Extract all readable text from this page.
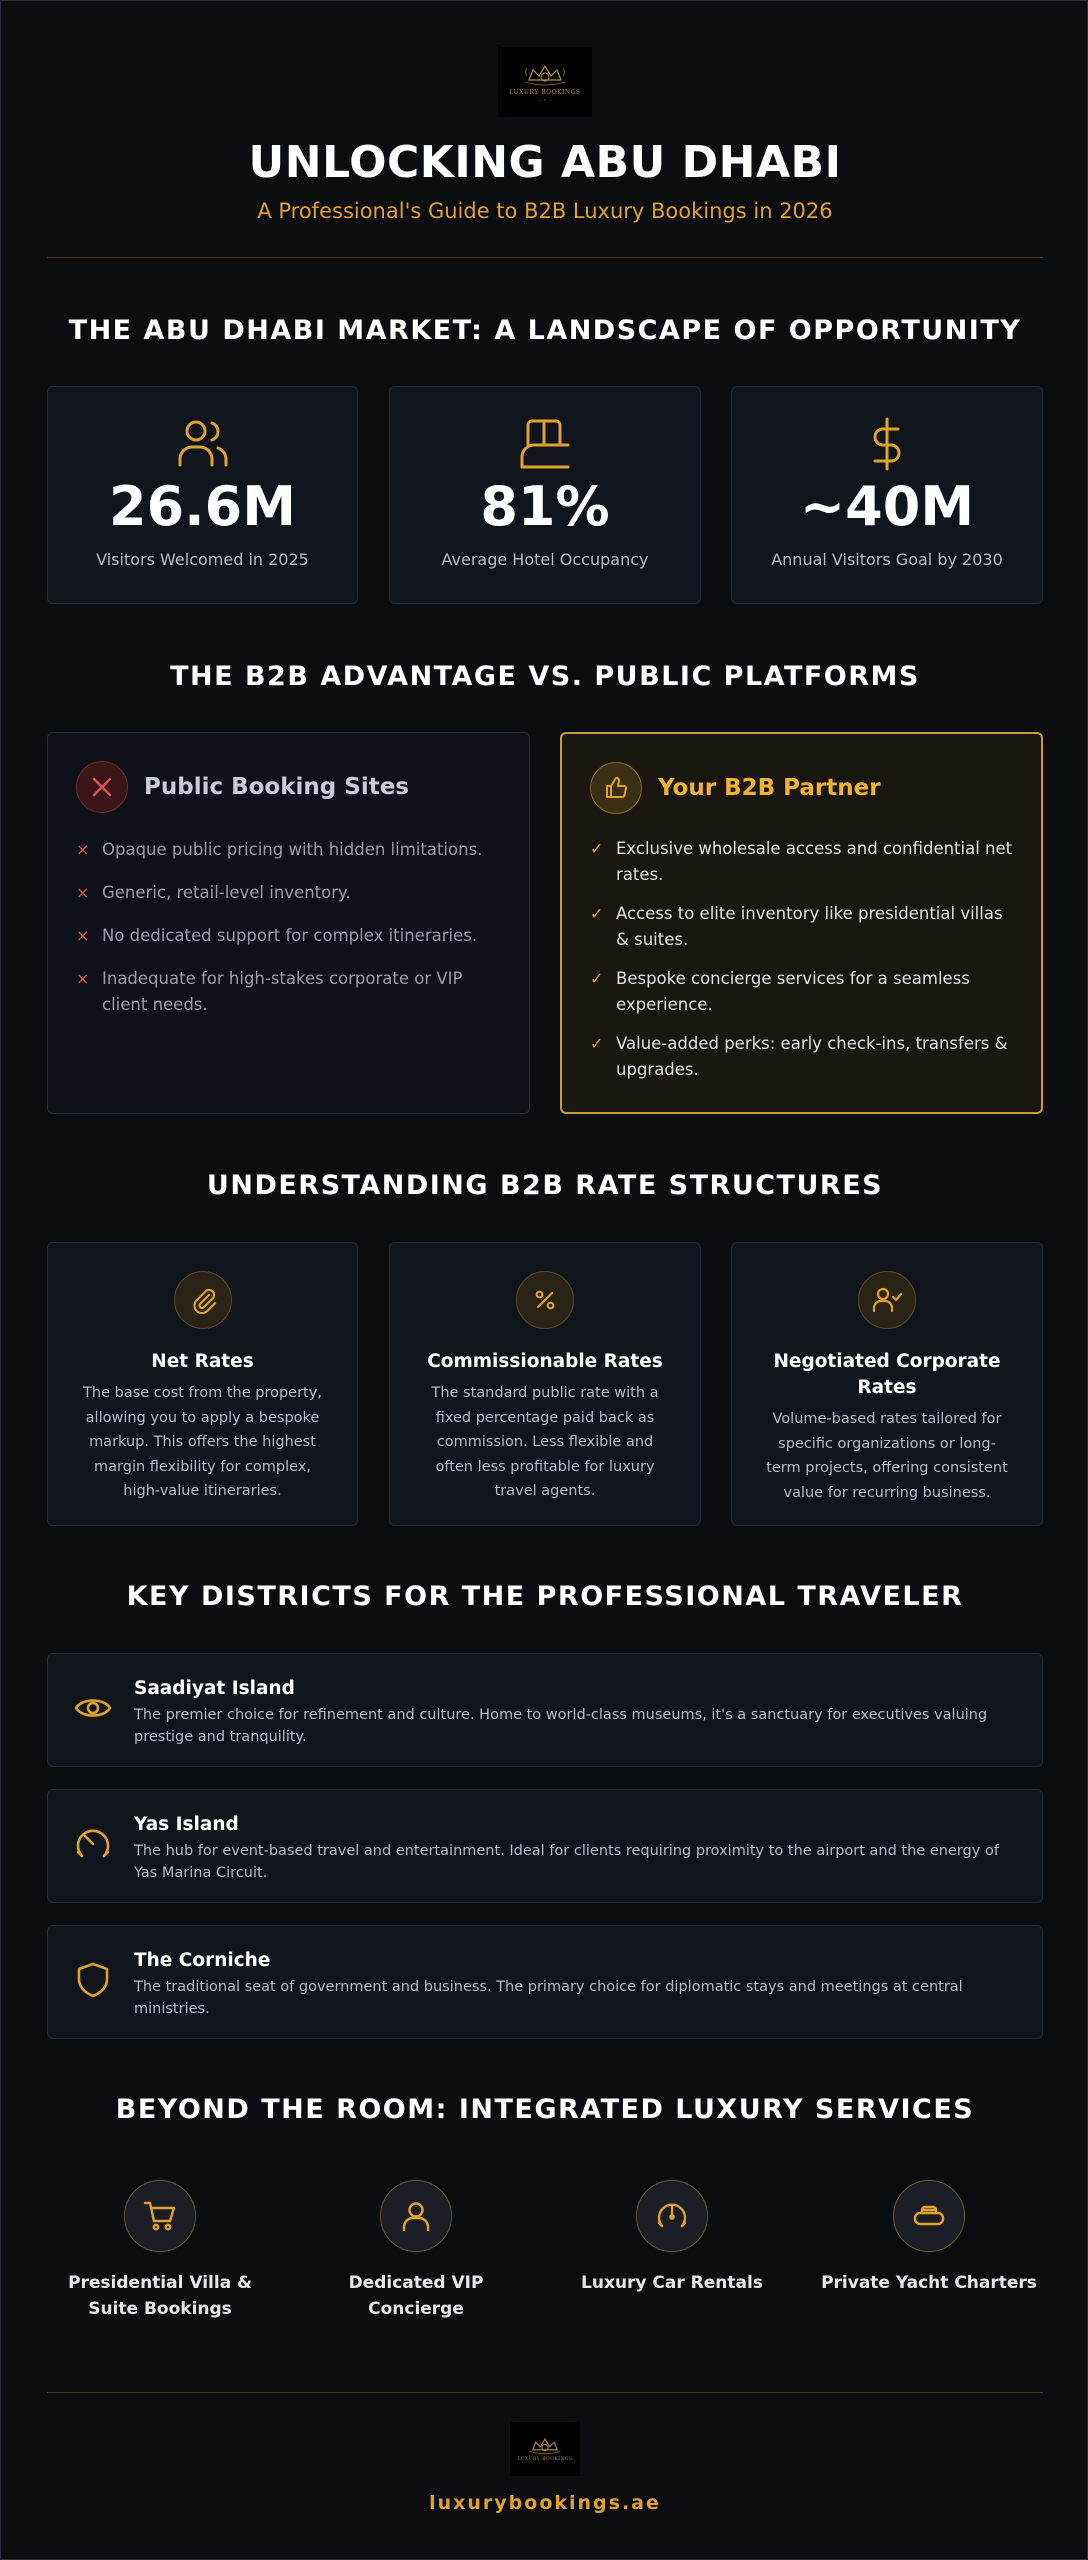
LUXURY BOOKINGS
— ✦ —
UNLOCKING ABU DHABI
A Professional's Guide to B2B Luxury Bookings in 2026
THE ABU DHABI MARKET: A LANDSCAPE OF OPPORTUNITY
26.6M
Visitors Welcomed in 2025
81%
Average Hotel Occupancy
~40M
Annual Visitors Goal by 2030
THE B2B ADVANTAGE VS. PUBLIC PLATFORMS
Public Booking Sites
× Opaque public pricing with hidden limitations.
× Generic, retail-level inventory.
× No dedicated support for complex itineraries.
× Inadequate for high-stakes corporate or VIP client needs.
Your B2B Partner
✓ Exclusive wholesale access and confidential net rates.
✓ Access to elite inventory like presidential villas & suites.
✓ Bespoke concierge services for a seamless experience.
✓ Value-added perks: early check-ins, transfers & upgrades.
UNDERSTANDING B2B RATE STRUCTURES
Net Rates
The base cost from the property, allowing you to apply a bespoke markup. This offers the highest margin flexibility for complex, high-value itineraries.
Commissionable Rates
The standard public rate with a fixed percentage paid back as commission. Less flexible and often less profitable for luxury travel agents.
Negotiated Corporate Rates
Volume-based rates tailored for specific organizations or long-term projects, offering consistent value for recurring business.
KEY DISTRICTS FOR THE PROFESSIONAL TRAVELER
Saadiyat Island
The premier choice for refinement and culture. Home to world-class museums, it's a sanctuary for executives valuing prestige and tranquility.
Yas Island
The hub for event-based travel and entertainment. Ideal for clients requiring proximity to the airport and the energy of Yas Marina Circuit.
The Corniche
The traditional seat of government and business. The primary choice for diplomatic stays and meetings at central ministries.
BEYOND THE ROOM: INTEGRATED LUXURY SERVICES
Presidential Villa & Suite Bookings
Dedicated VIP Concierge
Luxury Car Rentals	Private Yacht Charters
LUXURY BOOKINGS
luxurybookings.ae
